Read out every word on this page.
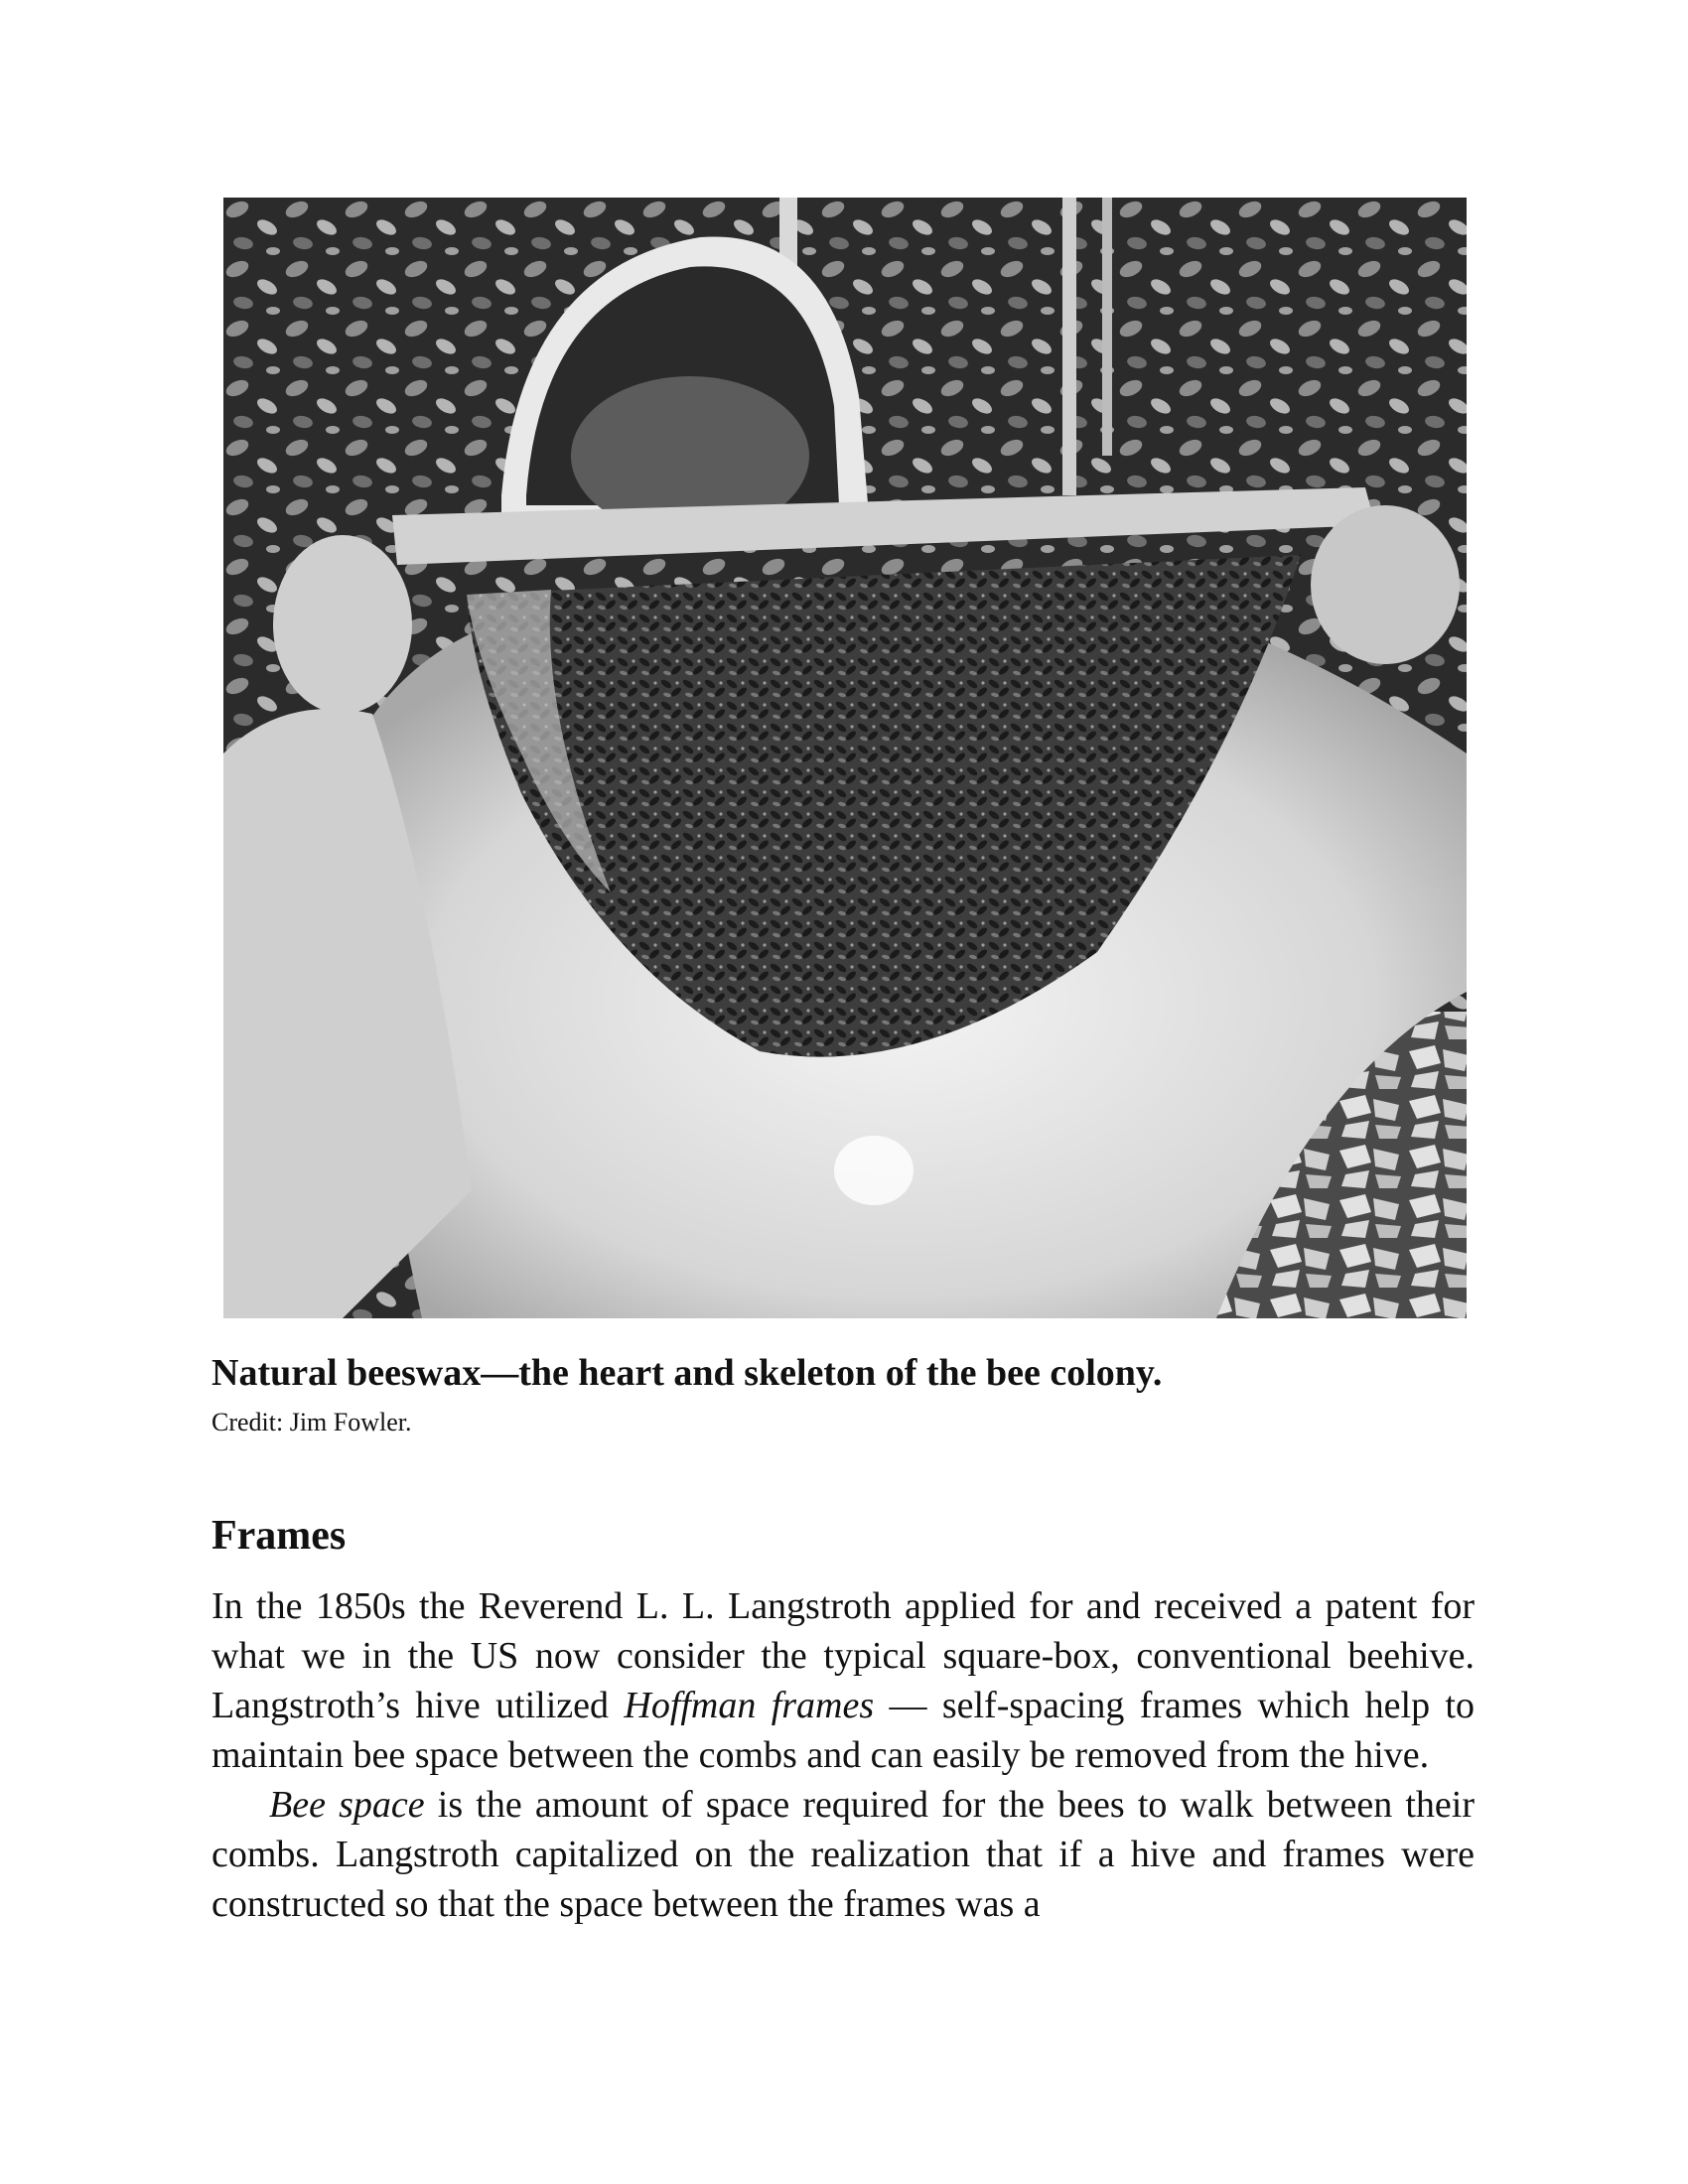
Natural beeswax—the heart and skeleton of the bee colony.
Credit: Jim Fowler.
Frames

In the 1850s the Reverend L. L. Langstroth applied for and received a patent for what we in the US now consider the typical square-box, conventional beehive. Langstroth’s hive utilized Hoffman frames — self-spacing frames which help to maintain bee space between the combs and can easily be removed from the hive.

Bee space is the amount of space required for the bees to walk between their combs. Langstroth capitalized on the realization that if a hive and frames were constructed so that the space between the frames was a
